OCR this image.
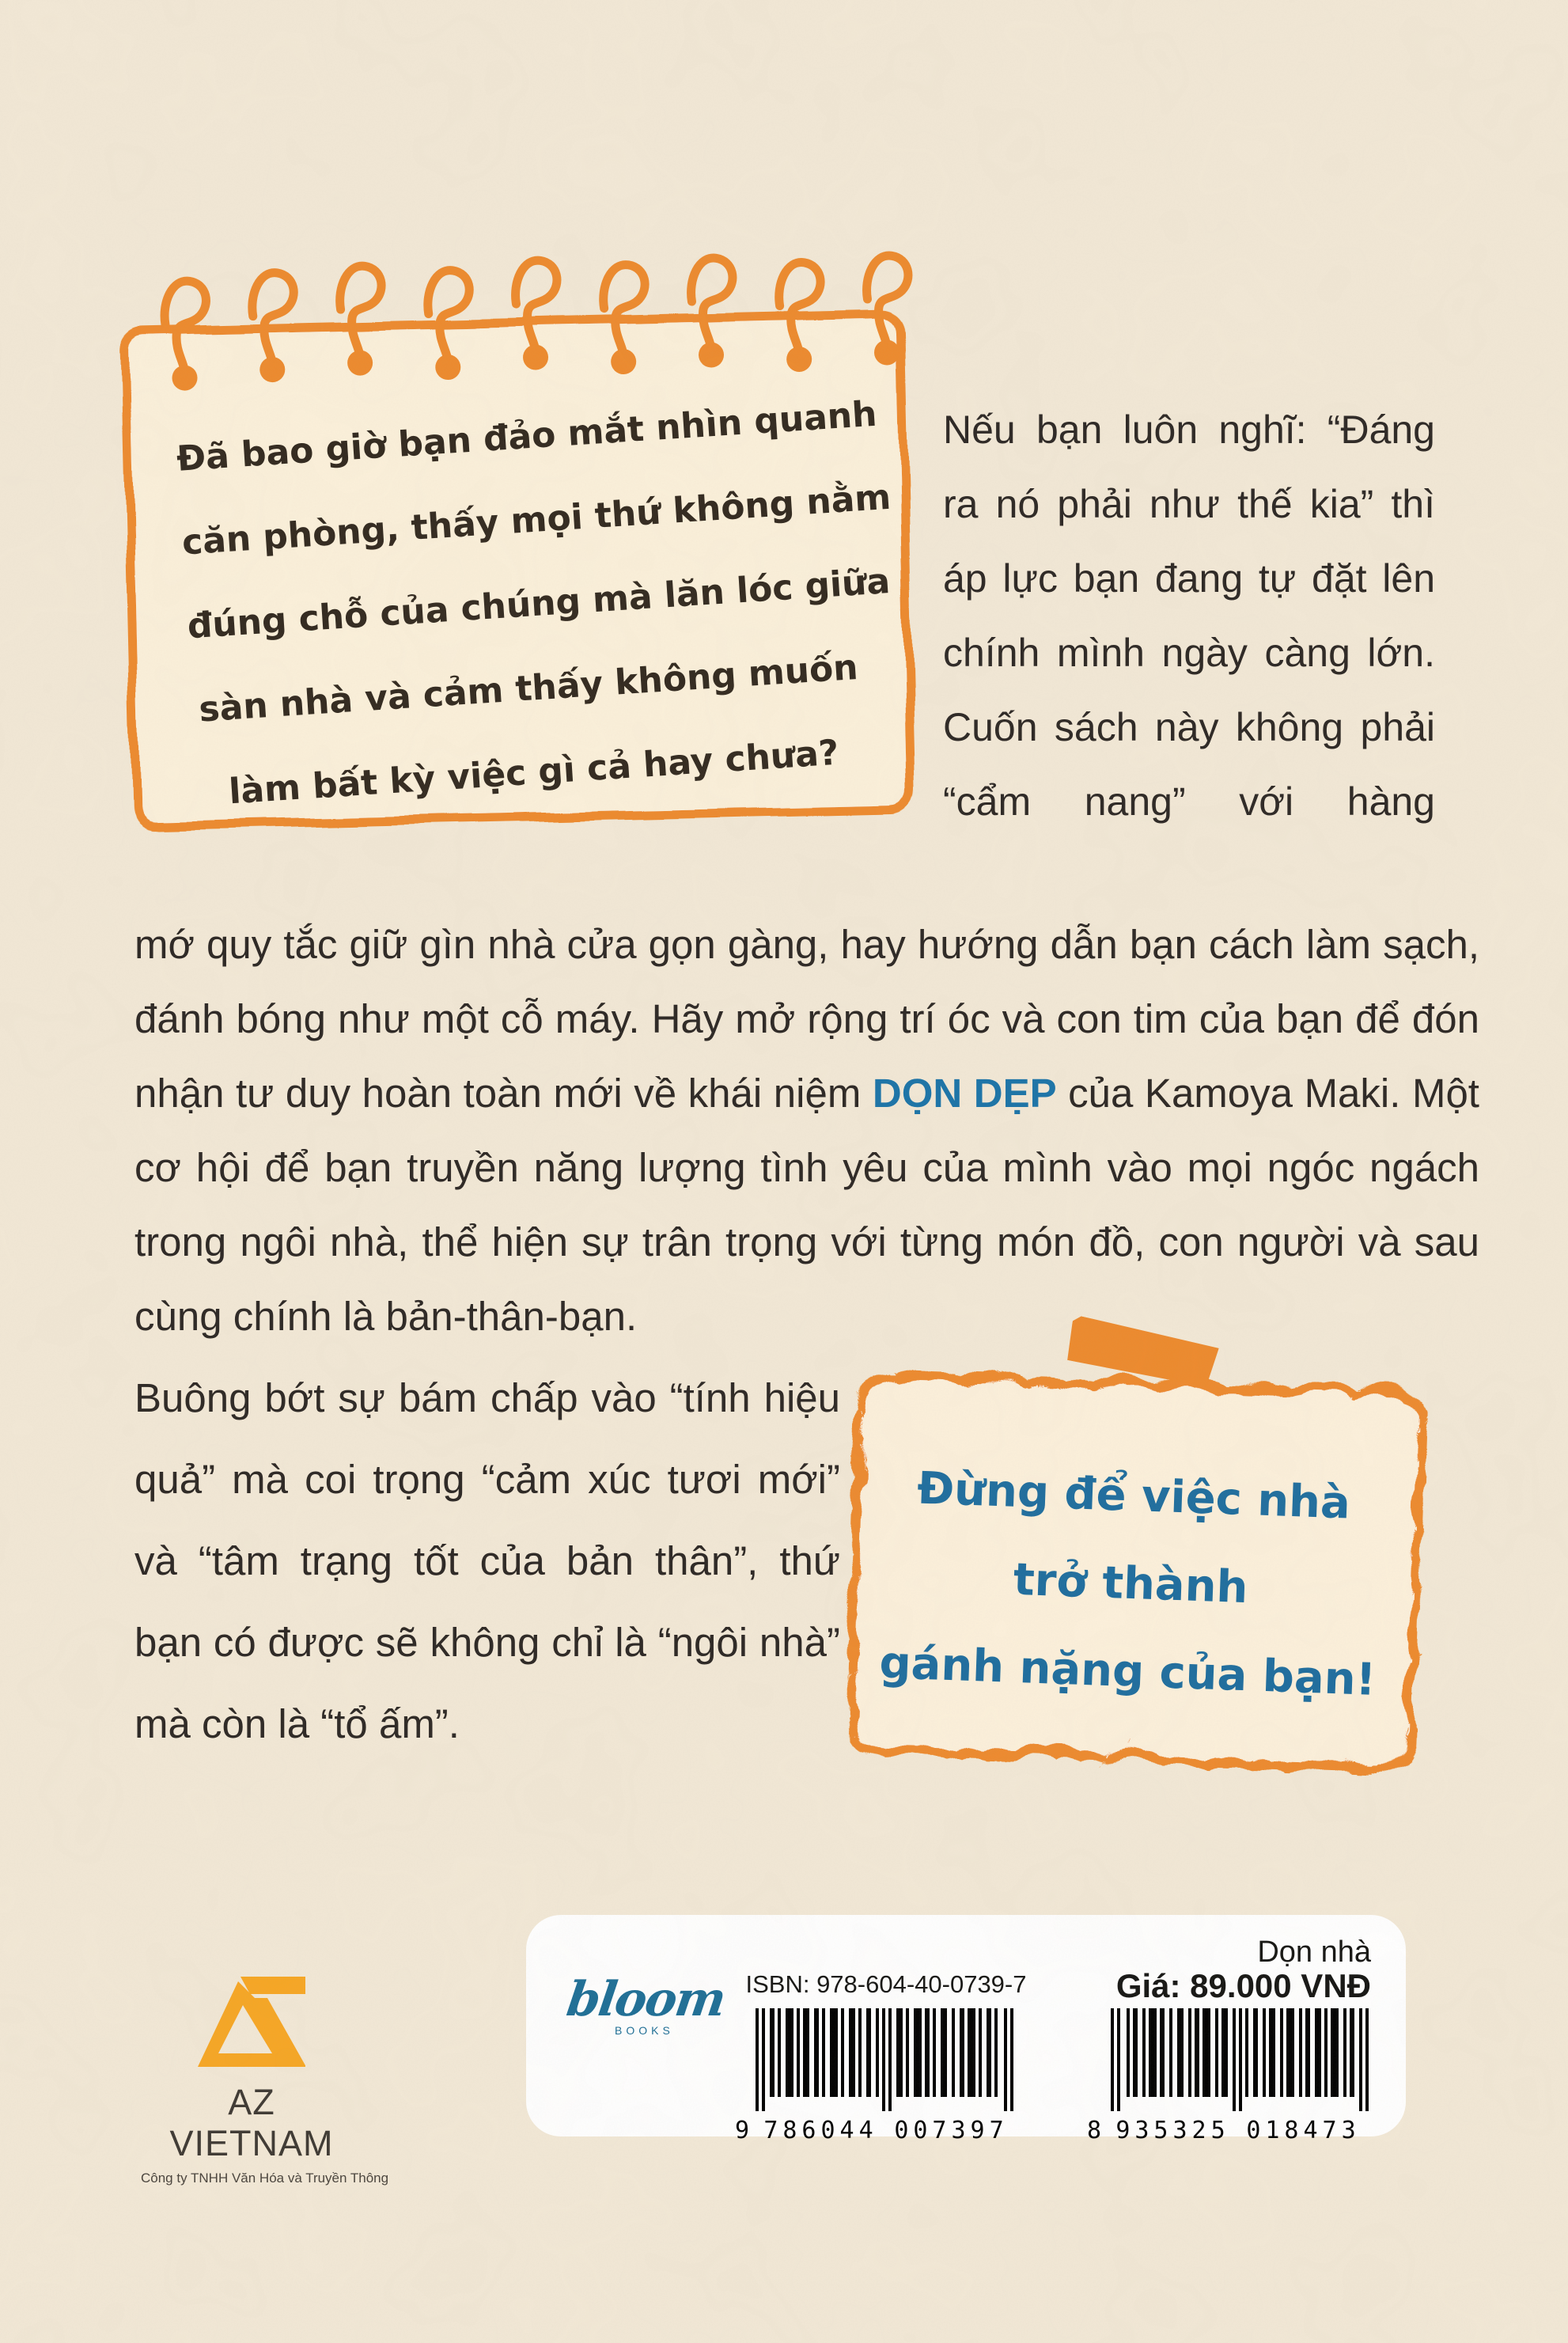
Đã bao giờ bạn đảo mắt nhìn quanh
căn phòng, thấy mọi thứ không nằm
đúng chỗ của chúng mà lăn lóc giữa
sàn nhà và cảm thấy không muốn
làm bất kỳ việc gì cả hay chưa?

Nếu bạn luôn nghĩ: “Đáng ra nó phải như thế kia” thì áp lực bạn đang tự đặt lên chính mình ngày càng lớn. Cuốn sách này không phải “cẩm nang” với hàng

mớ quy tắc giữ gìn nhà cửa gọn gàng, hay hướng dẫn bạn cách làm sạch, đánh bóng như một cỗ máy. Hãy mở rộng trí óc và con tim của bạn để đón nhận tư duy hoàn toàn mới về khái niệm DỌN DẸP của Kamoya Maki. Một cơ hội để bạn truyền năng lượng tình yêu của mình vào mọi ngóc ngách trong ngôi nhà, thể hiện sự trân trọng với từng món đồ, con người và sau cùng chính là bản-thân-bạn.

Buông bớt sự bám chấp vào “tính hiệu quả” mà coi trọng “cảm xúc tươi mới” và “tâm trạng tốt của bản thân”, thứ bạn có được sẽ không chỉ là “ngôi nhà” mà còn là “tổ ấm”.

Đừng để việc nhà
trở thành
gánh nặng của bạn!
AZ VIETNAM
Công ty TNHH Văn Hóa và Truyền Thông
Dọn nhà
Giá: 89.000 VNĐ
ISBN: 978-604-40-0739-7
bloom
BOOKS
9 786044 007397	8 935325 018473
